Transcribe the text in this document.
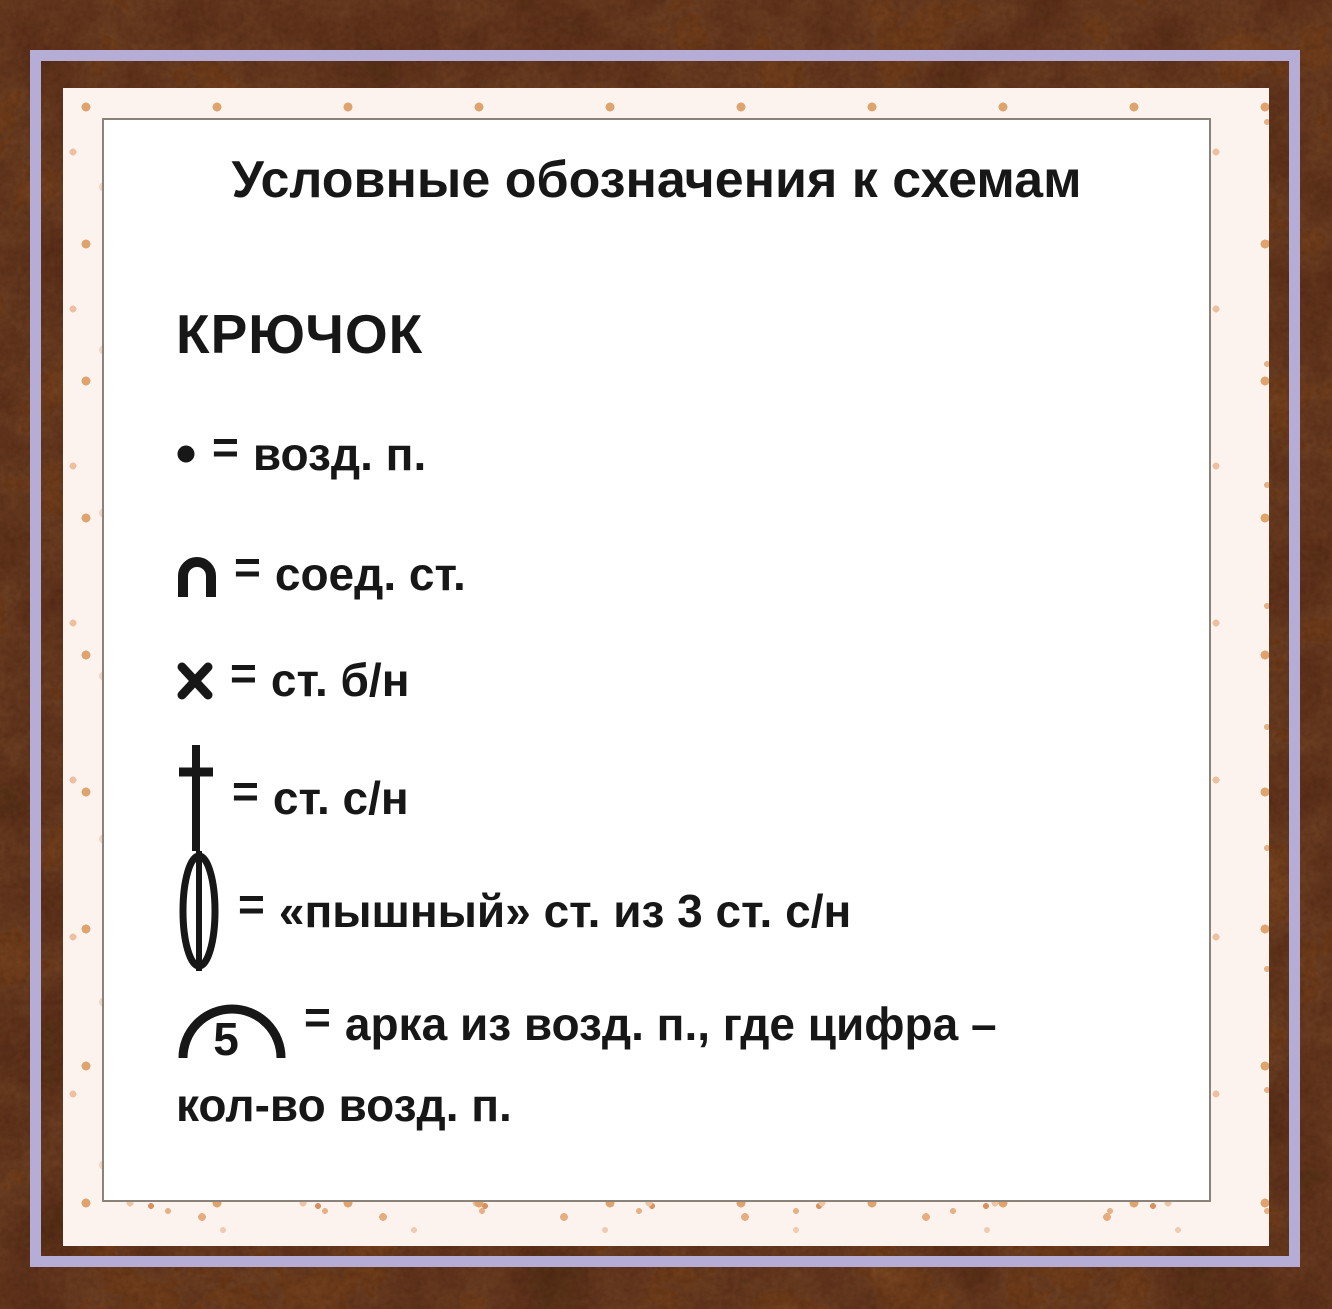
Условные обозначения к схемам
КРЮЧОК
= возд. п.
= соед. ст.
= ст. б/н
= ст. с/н
= «пышный» ст. из 3 ст. с/н
5 = арка из возд. п., где цифра –
кол-во возд. п.
